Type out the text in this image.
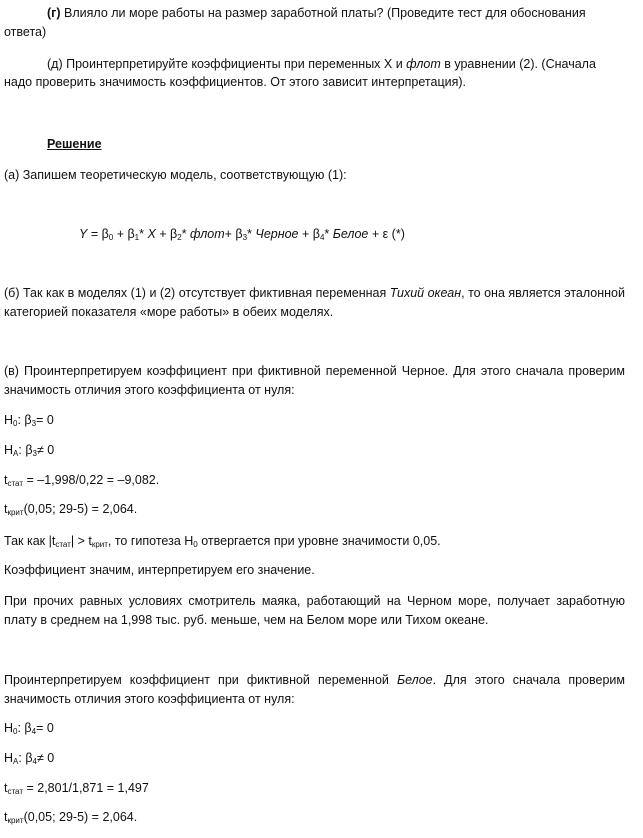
(г) Влияло ли море работы на размер заработной платы? (Проведите тест для обоснования
ответа)
(д) Проинтерпретируйте коэффициенты при переменных X и флот в уравнении (2). (Сначала
надо проверить значимость коэффициентов. От этого зависит интерпретация).
Решение
(а) Запишем теоретическую модель, соответствующую (1):
$Y = \beta_0 + \beta_1*$ $X + \beta_2*$ флот+ $\beta_3*$ Черное + $\beta_4*$ Белое + ε (*)
(б) Так как в моделях (1) и (2) отсутствует фиктивная переменная Тихий океан, то она является эталонной категорией показателя «море работы» в обеих моделях.
(в) Проинтерпретируем коэффициент при фиктивной переменной Черное. Для этого сначала проверим значимость отличия этого коэффициента от нуля:
$H_0$: $\beta_3= 0$
$H_A$: $\beta_3\ne 0$
$t_{стат} = -1,998/0,22 = -9,082$.
$t_{крит}(0,05$; 29-5) = 2,064.
Так как $|t_{стат}| > t_{крит}$, то гипотеза $H_0$ отвергается при уровне значимости 0,05.
Коэффициент значим, интерпретируем его значение.
При прочих равных условиях смотритель маяка, работающий на Черном море, получает заработную плату в среднем на 1,998 тыс. руб. меньше, чем на Белом море или Тихом океане.
Проинтерпретируем коэффициент при фиктивной переменной Белое. Для этого сначала проверим значимость отличия этого коэффициента от нуля:
$H_0$: $\beta_4= 0$
$H_A$: $\beta_4\ne 0$
$t_{стат} = 2,801/1,871 = 1,497$
$t_{крит}(0,05$; 29-5) = 2,064.
